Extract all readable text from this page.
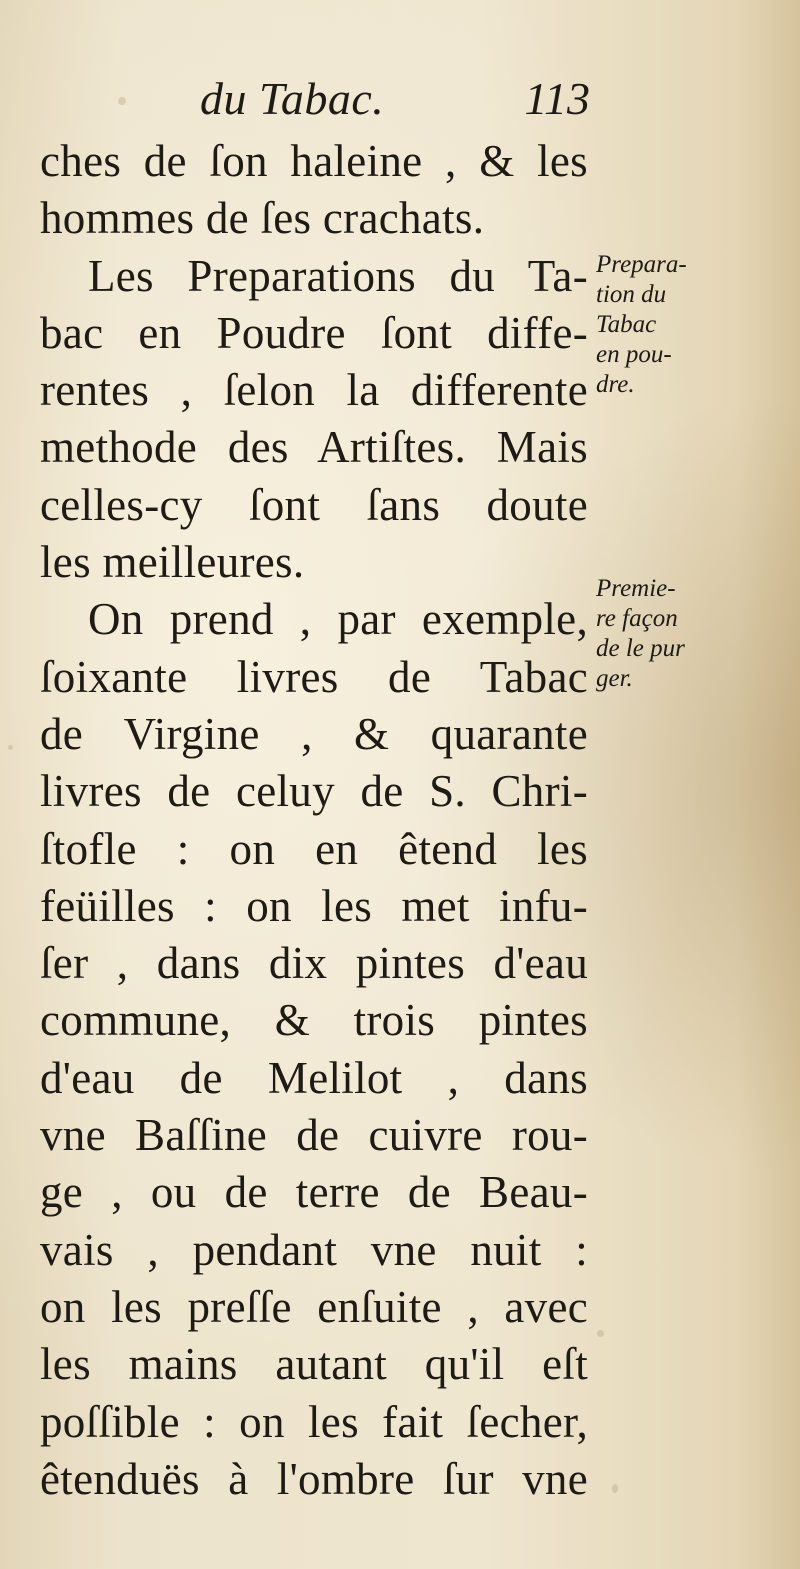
du Tabac.	113
ches de ſon haleine , & les
hommes de ſes crachats.
Les Preparations du Ta-
bac en Poudre ſont diffe-
rentes , ſelon la differente
methode des Artiſtes. Mais
celles-cy ſont ſans doute
les meilleures.
On prend , par exemple,
ſoixante livres de Tabac
de Virgine , & quarante
livres de celuy de S. Chri-
ſtofle : on en êtend les
feüilles : on les met infu-
ſer , dans dix pintes d'eau
commune, & trois pintes
d'eau de Melilot , dans
vne Baſſine de cuivre rou-
ge , ou de terre de Beau-
vais , pendant vne nuit :
on les preſſe enſuite , avec
les mains autant qu'il eſt
poſſible : on les fait ſecher,
êtenduës à l'ombre ſur vne
Prepara-
tion du
Tabac
en pou-
dre.
Premie-
re façon
de le pur
ger.
